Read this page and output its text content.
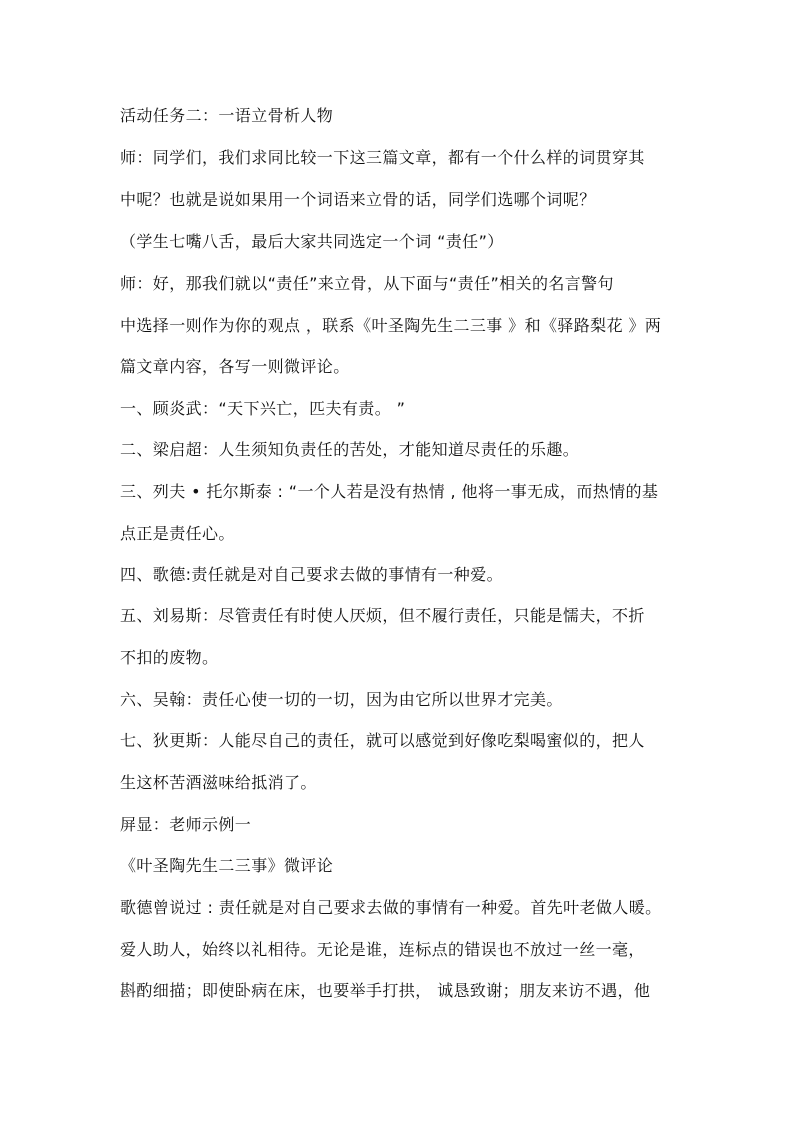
活动任务二：一语立骨析人物
师：同学们，我们求同比较一下这三篇文章，都有一个什么样的词贯穿其
中呢？也就是说如果用一个词语来立骨的话，同学们选哪个词呢？
（学生七嘴八舌，最后大家共同选定一个词 “责任”）
师：好，那我们就以“责任”来立骨，从下面与“责任”相关的名言警句
中选择一则作为你的观点 ，联系《叶圣陶先生二三事 》和《驿路梨花 》两
篇文章内容，各写一则微评论。
一、顾炎武：“天下兴亡，匹夫有责。 ”
二、梁启超：人生须知负责任的苦处，才能知道尽责任的乐趣。
三、列夫 • 托尔斯泰 : “一个人若是没有热情 , 他将一事无成，而热情的基
点正是责任心。
四、歌德:责任就是对自己要求去做的事情有一种爱。
五、刘易斯：尽管责任有时使人厌烦，但不履行责任，只能是懦夫，不折
不扣的废物。
六、吴翰：责任心使一切的一切，因为由它所以世界才完美。
七、狄更斯：人能尽自己的责任，就可以感觉到好像吃梨喝蜜似的，把人
生这杯苦酒滋味给抵消了。
屏显：老师示例一
《叶圣陶先生二三事》微评论
歌德曾说过 : 责任就是对自己要求去做的事情有一种爱。首先叶老做人暖。
爱人助人，始终以礼相待。无论是谁，连标点的错误也不放过一丝一毫，
斟酌细描；即使卧病在床，也要举手打拱， 诚恳致谢；朋友来访不遇，他
